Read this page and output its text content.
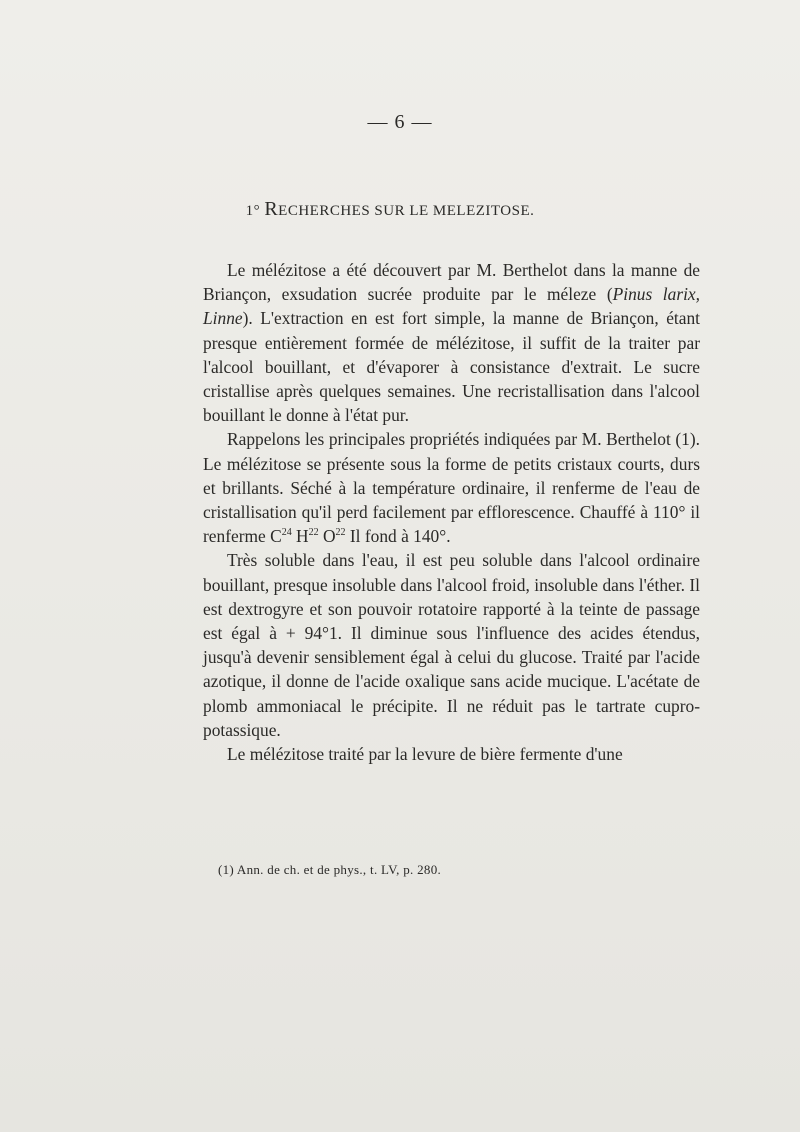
— 6 —
1° RECHERCHES SUR LE MELEZITOSE.

Le mélézitose a été découvert par M. Berthelot dans la manne de Briançon, exsudation sucrée produite par le méleze (Pinus larix, Linne). L'extraction en est fort simple, la manne de Briançon, étant presque entièrement formée de mélézitose, il suffit de la traiter par l'alcool bouillant, et d'évaporer à consistance d'extrait. Le sucre cristallise après quelques semaines. Une recristallisation dans l'alcool bouillant le donne à l'état pur.

Rappelons les principales propriétés indiquées par M. Berthelot (1). Le mélézitose se présente sous la forme de petits cristaux courts, durs et brillants. Séché à la température ordinaire, il renferme de l'eau de cristallisation qu'il perd facilement par efflorescence. Chauffé à 110° il renferme $C^{24}$ $H^{22}$ $O^{22}$ Il fond à 140°.

Très soluble dans l'eau, il est peu soluble dans l'alcool ordinaire bouillant, presque insoluble dans l'alcool froid, insoluble dans l'éther. Il est dextrogyre et son pouvoir rotatoire rapporté à la teinte de passage est égal à + 94°1. Il diminue sous l'influence des acides étendus, jusqu'à devenir sensiblement égal à celui du glucose. Traité par l'acide azotique, il donne de l'acide oxalique sans acide mucique. L'acétate de plomb ammoniacal le précipite. Il ne réduit pas le tartrate cupro-potassique.

Le mélézitose traité par la levure de bière fermente d'une

(1) Ann. de ch. et de phys., t. LV, p. 280.
